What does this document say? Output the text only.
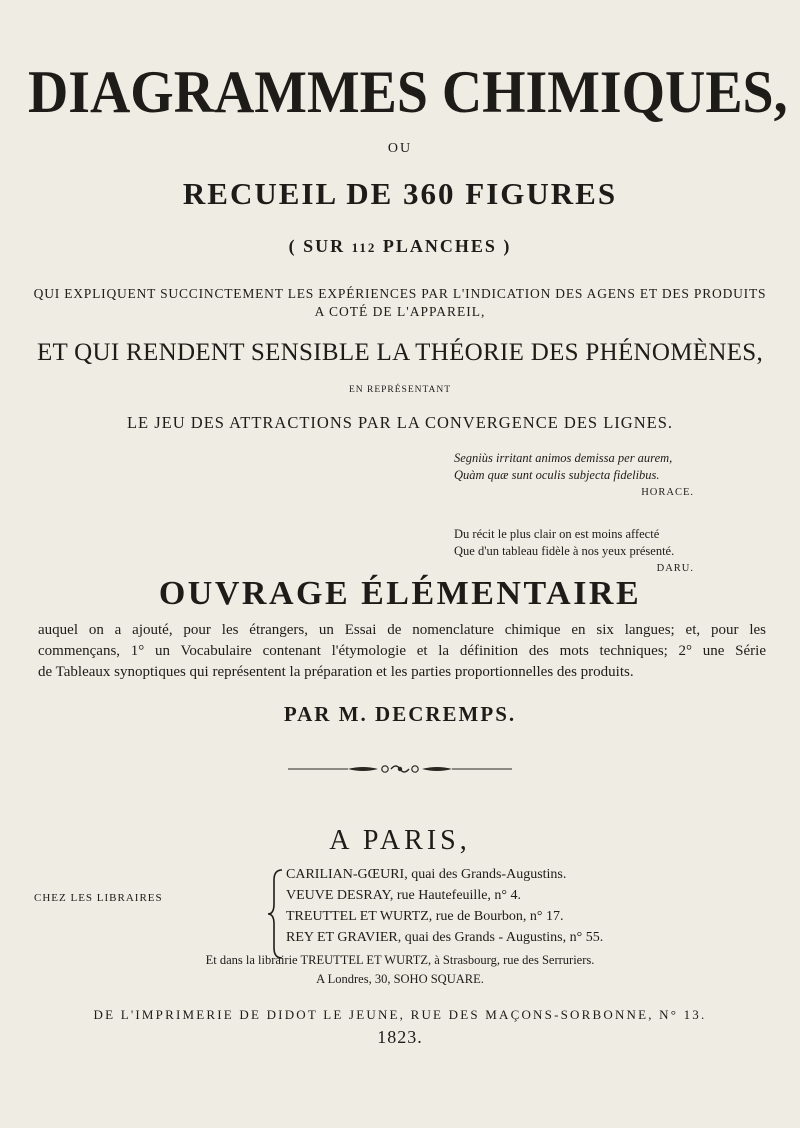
DIAGRAMMES CHIMIQUES,
OU
RECUEIL DE 360 FIGURES
( SUR 112 PLANCHES )
QUI EXPLIQUENT SUCCINCTEMENT LES EXPÉRIENCES PAR L'INDICATION DES AGENS ET DES PRODUITS
A COTÉ DE L'APPAREIL,
ET QUI RENDENT SENSIBLE LA THÉORIE DES PHÉNOMÈNES,
EN REPRÉSENTANT
LE JEU DES ATTRACTIONS PAR LA CONVERGENCE DES LIGNES.
Segniùs irritant animos demissa per aurem,
Quàm quæ sunt oculis subjecta fidelibus.
HORACE.
Du récit le plus clair on est moins affecté
Que d'un tableau fidèle à nos yeux présenté.
DARU.
OUVRAGE ÉLÉMENTAIRE
auquel on a ajouté, pour les étrangers, un Essai de nomenclature chimique en six langues; et, pour les
commençans, 1° un Vocabulaire contenant l'étymologie et la définition des mots techniques; 2° une Série
de Tableaux synoptiques qui représentent la préparation et les parties proportionnelles des produits.
PAR M. DECREMPS.
A PARIS,
CHEZ LES LIBRAIRES
CARILIAN-GŒURI, quai des Grands-Augustins.
VEUVE DESRAY, rue Hautefeuille, n° 4.
TREUTTEL ET WURTZ, rue de Bourbon, n° 17.
REY ET GRAVIER, quai des Grands - Augustins, n° 55.
Et dans la librairie TREUTTEL ET WURTZ, à Strasbourg, rue des Serruriers.
A Londres, 30, SOHO SQUARE.
DE L'IMPRIMERIE DE DIDOT LE JEUNE, RUE DES MAÇONS-SORBONNE, N° 13.
1823.
